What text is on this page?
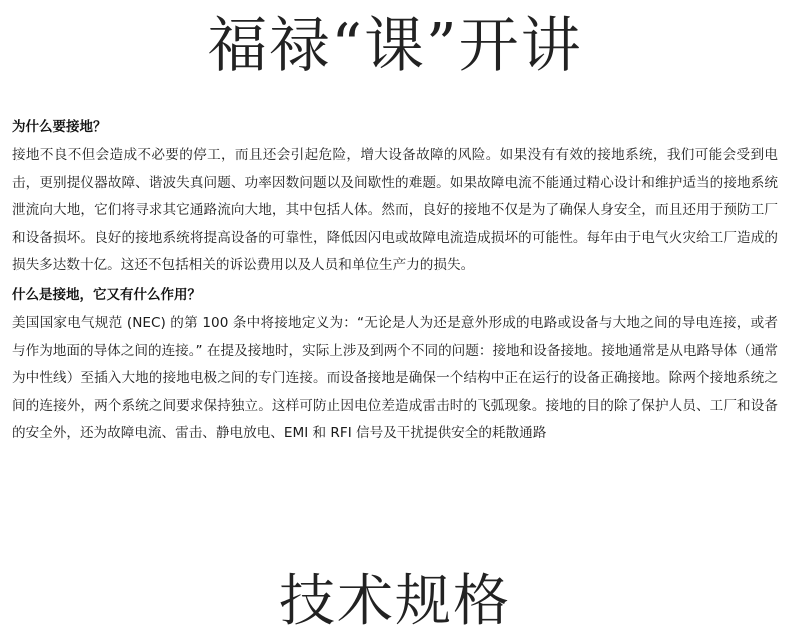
福禄“课”开讲

为什么要接地？

接地不良不但会造成不必要的停工，而且还会引起危险，增大设备故障的风险。如果没有有效的接地系统，我们可能会受到电击，更别提仪器故障、谐波失真问题、功率因数问题以及间歇性的难题。如果故障电流不能通过精心设计和维护适当的接地系统泄流向大地，它们将寻求其它通路流向大地，其中包括人体。然而，良好的接地不仅是为了确保人身安全，而且还用于预防工厂和设备损坏。良好的接地系统将提高设备的可靠性，降低因闪电或故障电流造成损坏的可能性。每年由于电气火灾给工厂造成的损失多达数十亿。这还不包括相关的诉讼费用以及人员和单位生产力的损失。

什么是接地，它又有什么作用？

美国国家电气规范 (NEC) 的第 100 条中将接地定义为：“无论是人为还是意外形成的电路或设备与大地之间的导电连接，或者与作为地面的导体之间的连接。” 在提及接地时，实际上涉及到两个不同的问题：接地和设备接地。接地通常是从电路导体（通常为中性线）至插入大地的接地电极之间的专门连接。而设备接地是确保一个结构中正在运行的设备正确接地。除两个接地系统之间的连接外，两个系统之间要求保持独立。这样可防止因电位差造成雷击时的飞弧现象。接地的目的除了保护人员、工厂和设备的安全外，还为故障电流、雷击、静电放电、EMI 和 RFI 信号及干扰提供安全的耗散通路

技术规格
